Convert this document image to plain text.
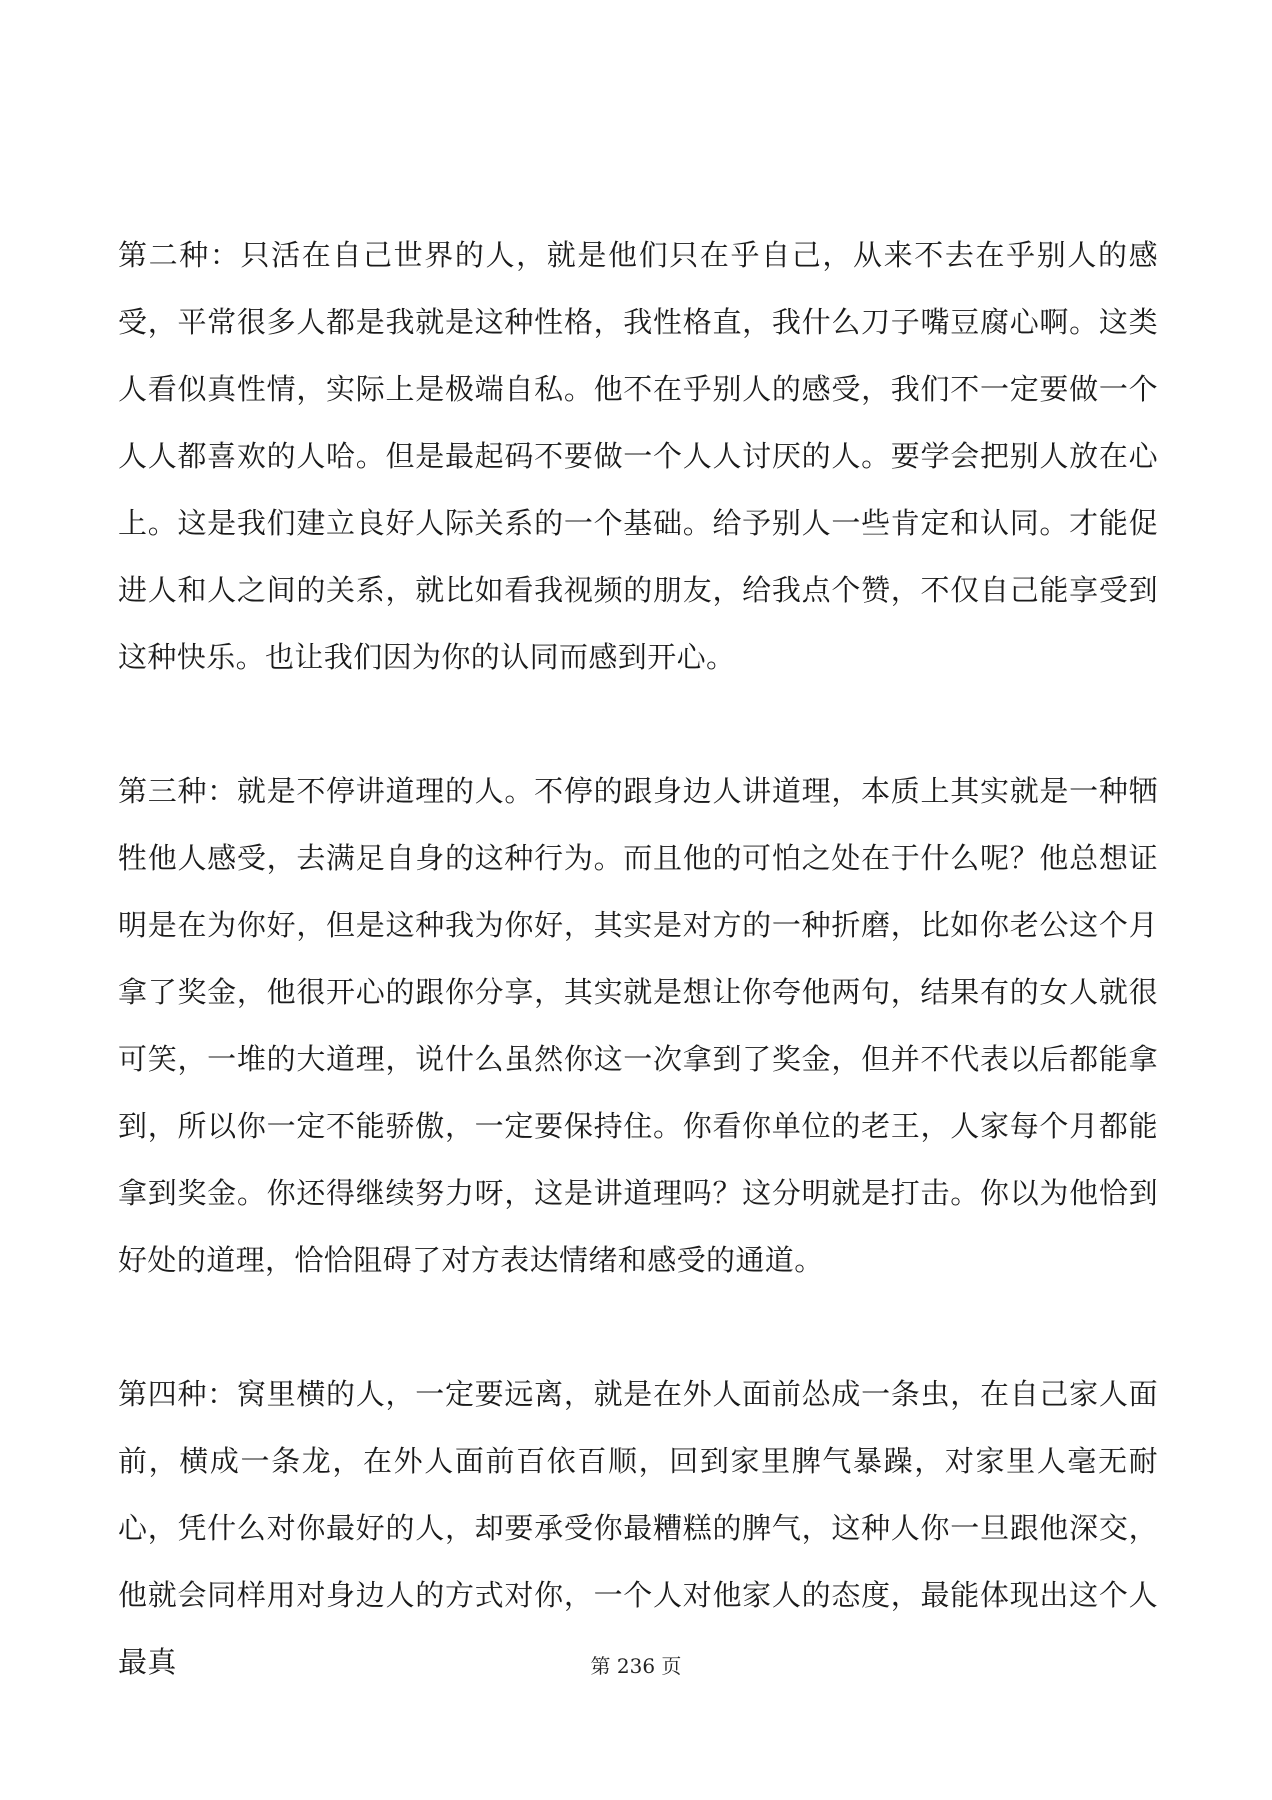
第二种：只活在自己世界的人，就是他们只在乎自己，从来不去在乎别人的感受，平常很多人都是我就是这种性格，我性格直，我什么刀子嘴豆腐心啊。这类人看似真性情，实际上是极端自私。他不在乎别人的感受，我们不一定要做一个人人都喜欢的人哈。但是最起码不要做一个人人讨厌的人。要学会把别人放在心上。这是我们建立良好人际关系的一个基础。给予别人一些肯定和认同。才能促进人和人之间的关系，就比如看我视频的朋友，给我点个赞，不仅自己能享受到这种快乐。也让我们因为你的认同而感到开心。

第三种：就是不停讲道理的人。不停的跟身边人讲道理，本质上其实就是一种牺牲他人感受，去满足自身的这种行为。而且他的可怕之处在于什么呢？他总想证明是在为你好，但是这种我为你好，其实是对方的一种折磨，比如你老公这个月拿了奖金，他很开心的跟你分享，其实就是想让你夸他两句，结果有的女人就很可笑，一堆的大道理，说什么虽然你这一次拿到了奖金，但并不代表以后都能拿到，所以你一定不能骄傲，一定要保持住。你看你单位的老王，人家每个月都能拿到奖金。你还得继续努力呀，这是讲道理吗？这分明就是打击。你以为他恰到好处的道理，恰恰阻碍了对方表达情绪和感受的通道。

第四种：窝里横的人，一定要远离，就是在外人面前怂成一条虫，在自己家人面前，横成一条龙，在外人面前百依百顺，回到家里脾气暴躁，对家里人毫无耐心，凭什么对你最好的人，却要承受你最糟糕的脾气，这种人你一旦跟他深交，他就会同样用对身边人的方式对你，一个人对他家人的态度，最能体现出这个人最真	第 236 页
